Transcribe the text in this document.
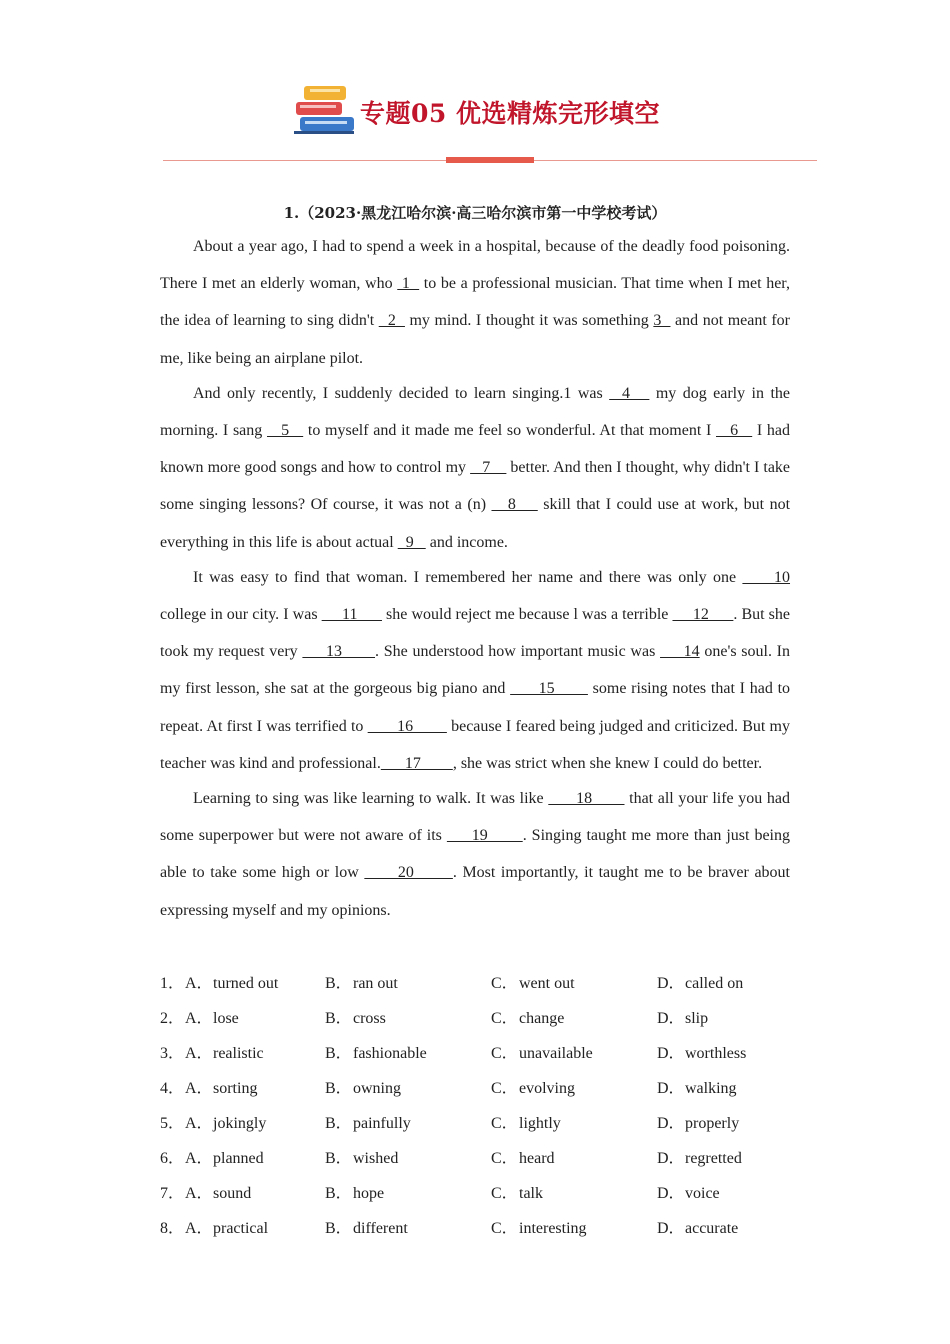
专题05 优选精炼完形填空
1.（2023·黑龙江哈尔滨·高三哈尔滨市第一中学校考试）

About a year ago, I had to spend a week in a hospital, because of the deadly food poisoning. There I met an elderly woman, who  1   to be a professional musician. That time when I met her, the idea of learning to sing didn't   2   my mind. I thought it was something 3   and not meant for me, like being an airplane pilot.

And only recently, I suddenly decided to learn singing.1 was   4    my dog early in the morning. I sang    5    to myself and it made me feel so wonderful. At that moment I    6    I had known more good songs and how to control my    7     better. And then I thought, why didn't I take some singing lessons? Of course, it was not a (n)    8     skill that I could use at work, but not everything in this life is about actual   9    and income.

It was easy to find that woman. I remembered her name and there was only one      10 college in our city. I was      11       she would reject me because l was a terrible      12      . But she took my request very      13       . She understood how important music was      14 one's soul. In my first lesson, she sat at the gorgeous big piano and       15        some rising notes that I had to repeat. At first I was terrified to        16         because I feared being judged and criticized. But my teacher was kind and professional.      17        , she was strict when she knew I could do better.

Learning to sing was like learning to walk. It was like       18        that all your life you had some superpower but were not aware of its      19       . Singing taught me more than just being able to take some high or low       20       . Most importantly, it taught me to be braver about expressing myself and my opinions.

1． A．turned out	B．ran out	C．went out	D．called on
2． A．lose	B．cross	C．change	D．slip
3． A．realistic	B．fashionable	C．unavailable	D．worthless
4． A．sorting	B．owning	C．evolving	D．walking
5． A．jokingly	B．painfully	C．lightly	D．properly
6． A．planned	B．wished	C．heard	D．regretted
7． A．sound	B．hope	C．talk	D．voice
8． A．practical	B．different	C．interesting	D．accurate
